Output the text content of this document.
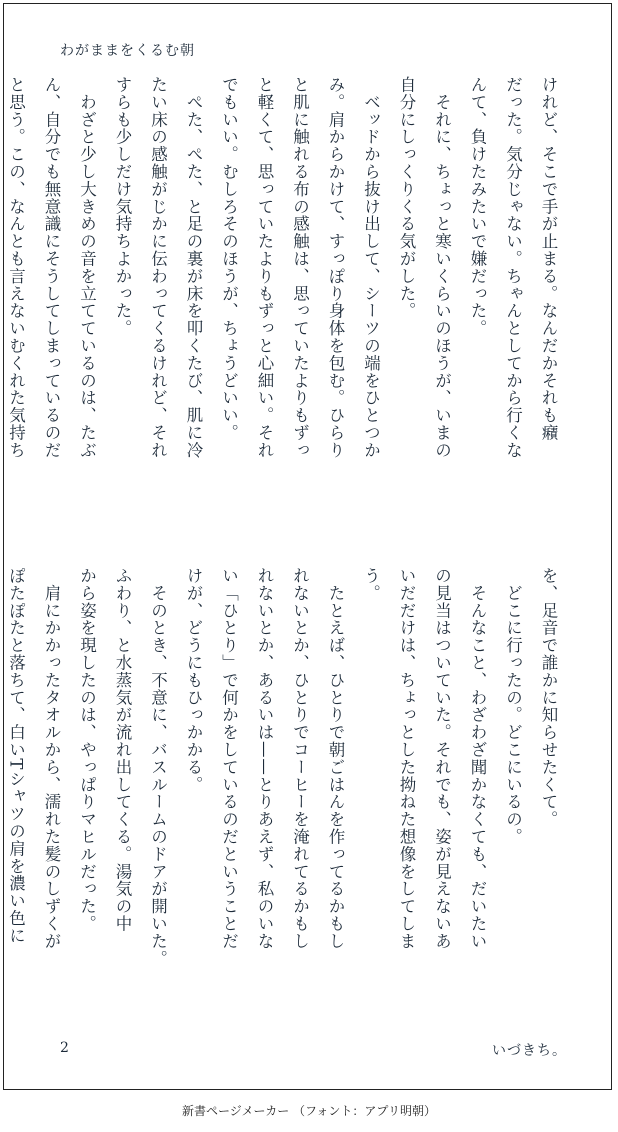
わがままをくるむ朝
けれど、そこで手が止まる。なんだかそれも癪
だった。気分じゃない。ちゃんとしてから行くな
んて、負けたみたいで嫌だった。
　それに、ちょっと寒いくらいのほうが、いまの
自分にしっくりくる気がした。
　ベッドから抜け出して、シーツの端をひとつか
み。肩からかけて、すっぽり身体を包む。ひらり
と肌に触れる布の感触は、思っていたよりもずっ
と軽くて、思っていたよりもずっと心細い。それ
でもいい。むしろそのほうが、ちょうどいい。
　ぺた、ぺた、と足の裏が床を叩くたび、肌に冷
たい床の感触がじかに伝わってくるけれど、それ
すらも少しだけ気持ちよかった。
　わざと少し大きめの音を立てているのは、たぶ
ん、自分でも無意識にそうしてしまっているのだ
と思う。この、なんとも言えないむくれた気持ち
を、足音で誰かに知らせたくて。
　どこに行ったの。どこにいるの。
　そんなこと、わざわざ聞かなくても、だいたい
の見当はついていた。それでも、姿が見えないあ
いだだけは、ちょっとした拗ねた想像をしてしま
う。
　たとえば、ひとりで朝ごはんを作ってるかもし
れないとか、ひとりでコーヒーを淹れてるかもし
れないとか、あるいは——とりあえず、私のいな
い「ひとり」で何かをしているのだということだ
けが、どうにもひっかかる。
　そのとき、不意に、バスルームのドアが開いた。
ふわり、と水蒸気が流れ出してくる。湯気の中
から姿を現したのは、やっぱりマヒルだった。
　肩にかかったタオルから、濡れた髪のしずくが
ぽたぽたと落ちて、白いTシャツの肩を濃い色に
2	いづきち。
新書ページメーカー （フォント：アプリ明朝）
